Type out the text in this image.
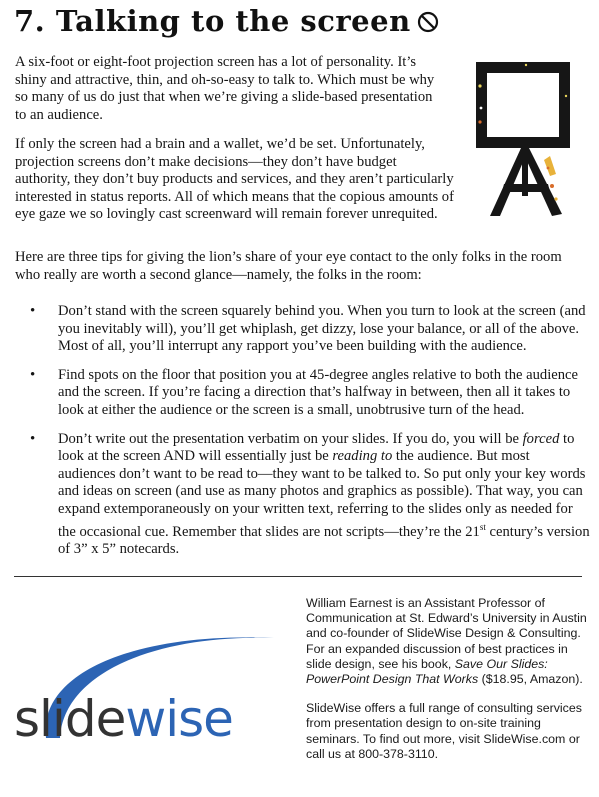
7. Talking to the screen

A six-foot or eight-foot projection screen has a lot of personality. It’s shiny and attractive, thin, and oh-so-easy to talk to. Which must be why so many of us do just that when we’re giving a slide-based presentation to an audience.

If only the screen had a brain and a wallet, we’d be set. Unfortunately, projection screens don’t make decisions—they don’t have budget authority, they don’t buy products and services, and they aren’t particularly interested in status reports. All of which means that the copious amounts of eye gaze we so lovingly cast screenward will remain forever unrequited.

Here are three tips for giving the lion’s share of your eye contact to the only folks in the room who really are worth a second glance—namely, the folks in the room:

• Don’t stand with the screen squarely behind you. When you turn to look at the screen (and you inevitably will), you’ll get whiplash, get dizzy, lose your balance, or all of the above. Most of all, you’ll interrupt any rapport you’ve been building with the audience.
• Find spots on the floor that position you at 45-degree angles relative to both the audience and the screen. If you’re facing a direction that’s halfway in between, then all it takes to look at either the audience or the screen is a small, unobtrusive turn of the head.
• Don’t write out the presentation verbatim on your slides. If you do, you will be forced to look at the screen AND will essentially just be reading to the audience. But most audiences don’t want to be read to—they want to be talked to. So put only your key words and ideas on screen (and use as many photos and graphics as possible). That way, you can expand extemporaneously on your written text, referring to the slides only as needed for the occasional cue. Remember that slides are not scripts—they’re the 21st century’s version of 3” x 5” notecards.
slidewise

William Earnest is an Assistant Professor of Communication at St. Edward’s University in Austin and co-founder of SlideWise Design & Consulting. For an expanded discussion of best practices in slide design, see his book, Save Our Slides: PowerPoint Design That Works ($18.95, Amazon).

SlideWise offers a full range of consulting services from presentation design to on-site training seminars. To find out more, visit SlideWise.com or call us at 800-378-3110.
